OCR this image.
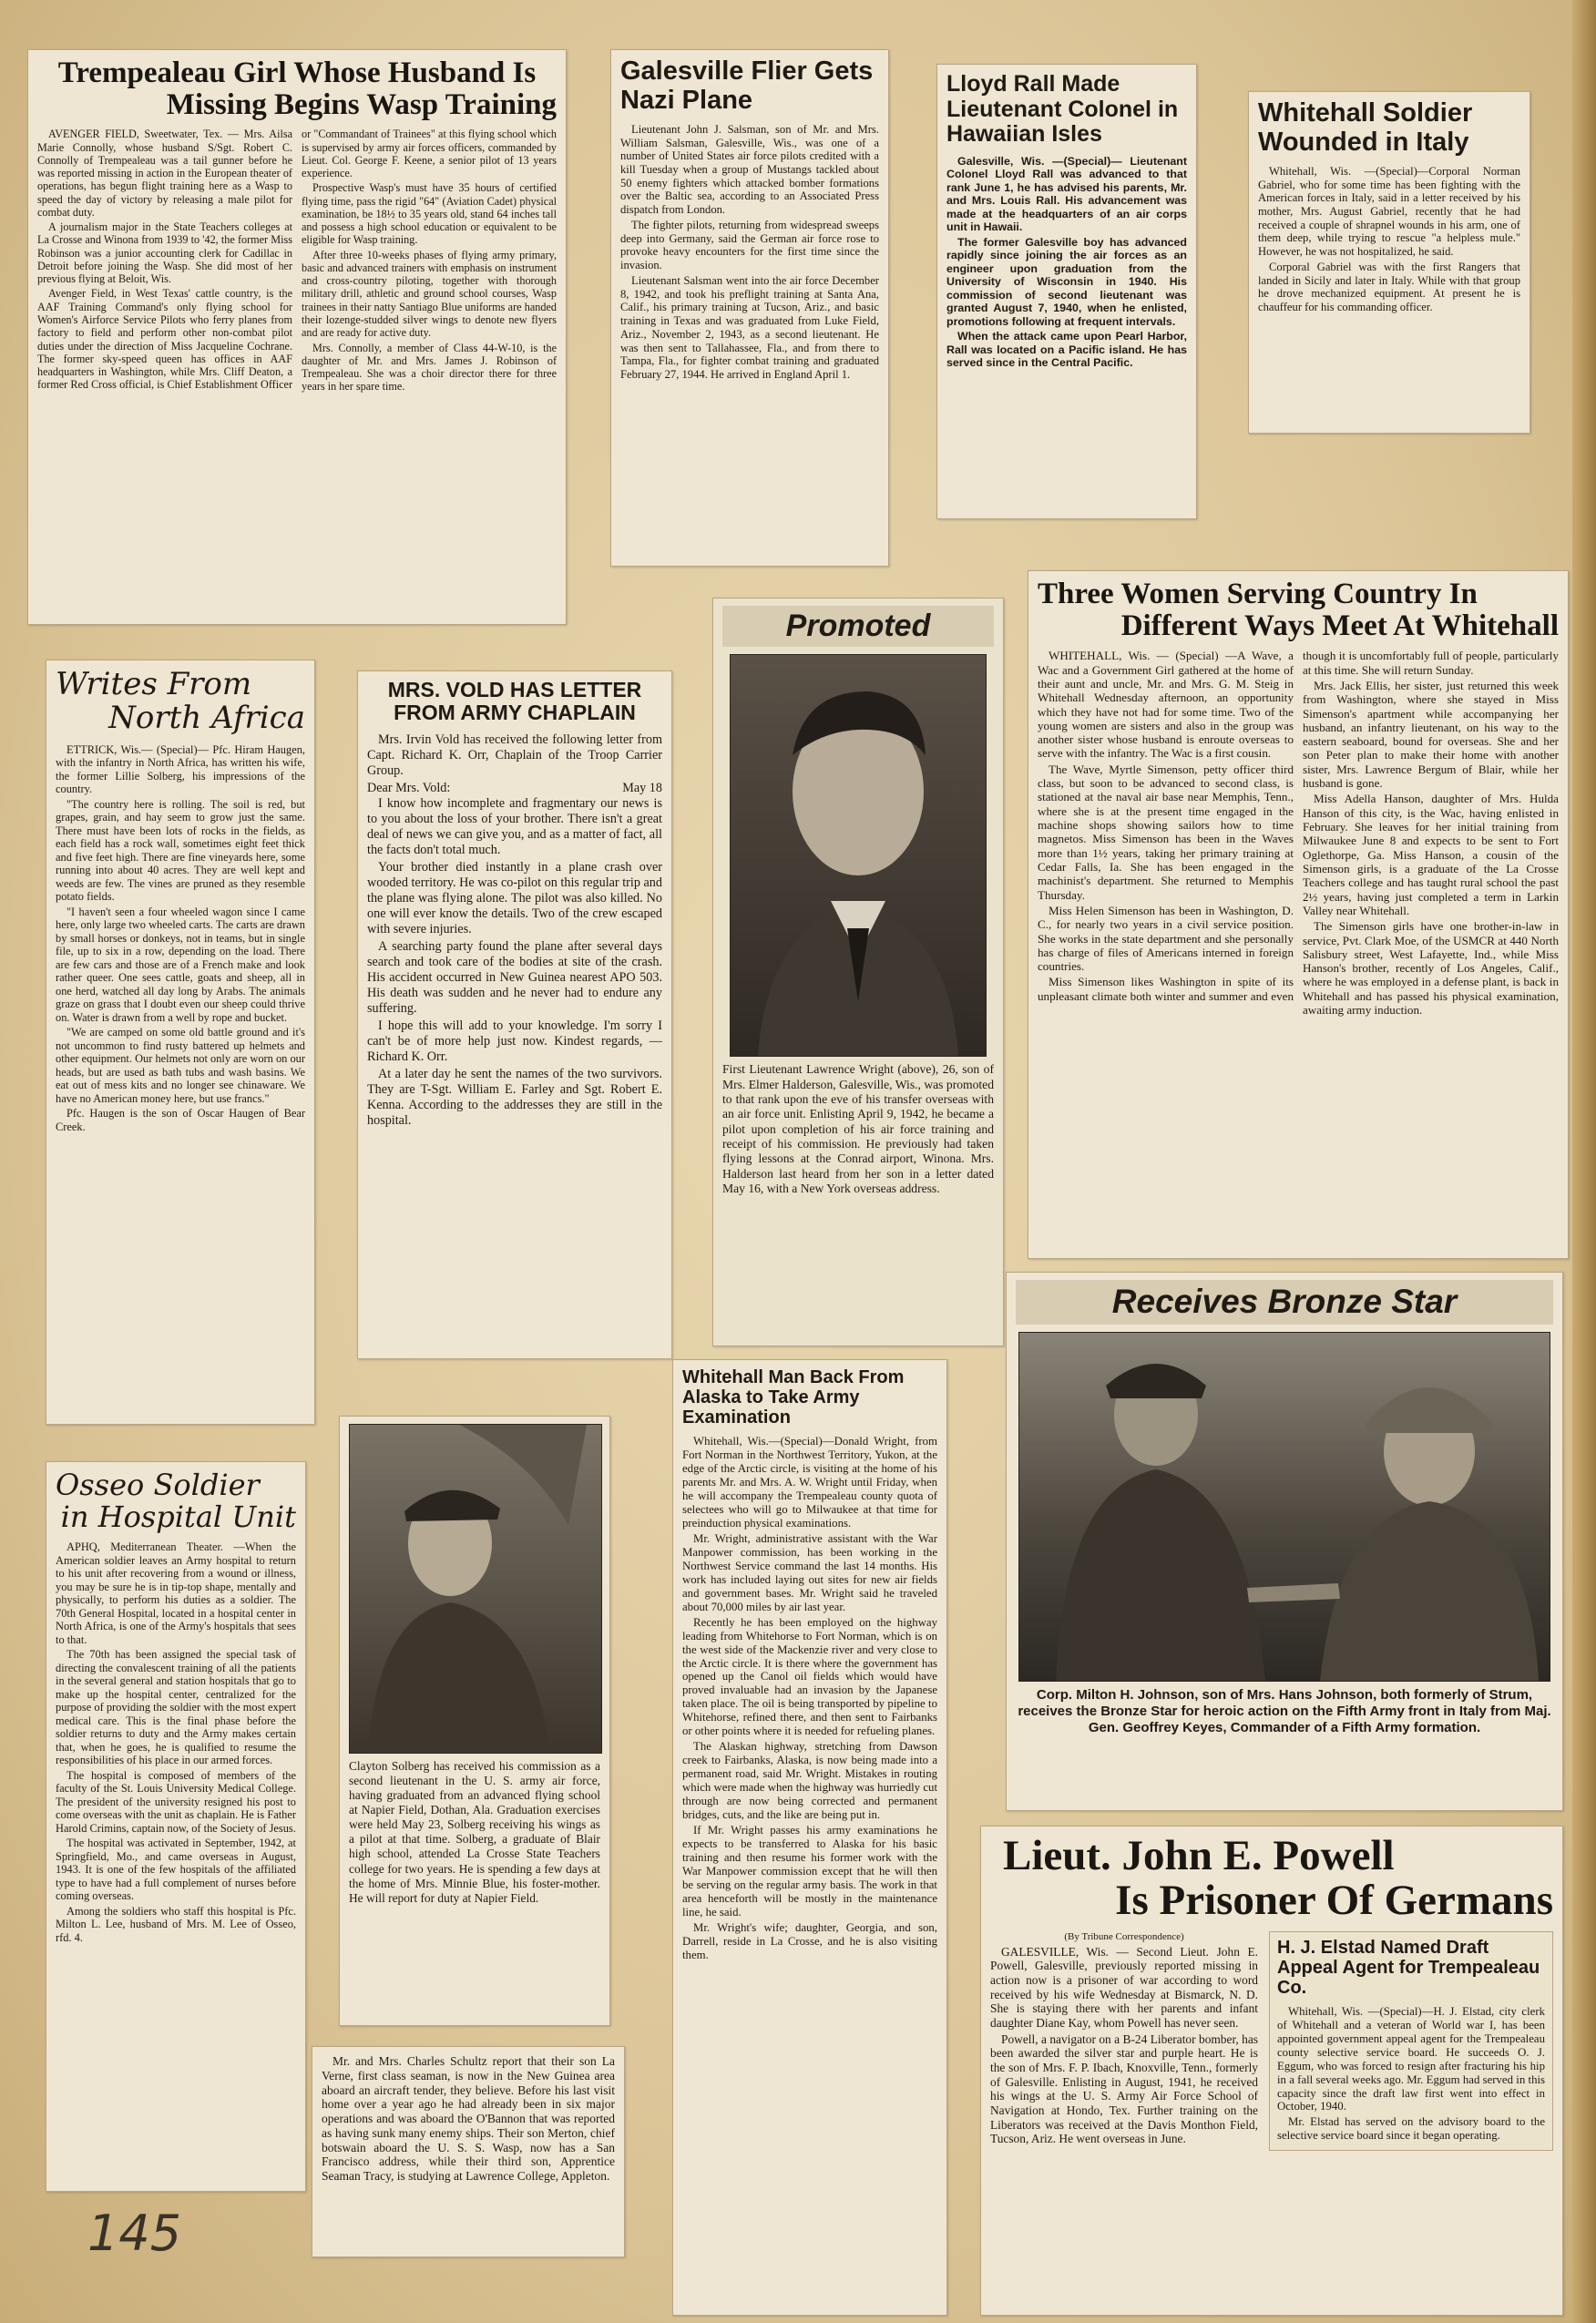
Trempealeau Girl Whose Husband Is
Missing Begins Wasp Training

AVENGER FIELD, Sweetwater, Tex. — Mrs. Ailsa Marie Connolly, whose husband S/Sgt. Robert C. Connolly of Trempealeau was a tail gunner before he was reported missing in action in the European theater of operations, has begun flight training here as a Wasp to speed the day of victory by releasing a male pilot for combat duty.

A journalism major in the State Teachers colleges at La Crosse and Winona from 1939 to '42, the former Miss Robinson was a junior accounting clerk for Cadillac in Detroit before joining the Wasp. She did most of her previous flying at Beloit, Wis.

Avenger Field, in West Texas' cattle country, is the AAF Training Command's only flying school for Women's Airforce Service Pilots who ferry planes from factory to field and perform other non-combat pilot duties under the direction of Miss Jacqueline Cochrane. The former sky-speed queen has offices in AAF headquarters in Washington, while Mrs. Cliff Deaton, a former Red Cross official, is Chief Establishment Officer or "Commandant of Trainees" at this flying school which is supervised by army air forces officers, commanded by Lieut. Col. George F. Keene, a senior pilot of 13 years experience.

Prospective Wasp's must have 35 hours of certified flying time, pass the rigid "64" (Aviation Cadet) physical examination, be 18½ to 35 years old, stand 64 inches tall and possess a high school education or equivalent to be eligible for Wasp training.

After three 10-weeks phases of flying army primary, basic and advanced trainers with emphasis on instrument and cross-country piloting, together with thorough military drill, athletic and ground school courses, Wasp trainees in their natty Santiago Blue uniforms are handed their lozenge-studded silver wings to denote new flyers and are ready for active duty.

Mrs. Connolly, a member of Class 44-W-10, is the daughter of Mr. and Mrs. James J. Robinson of Trempealeau. She was a choir director there for three years in her spare time.

Galesville Flier Gets Nazi Plane

Lieutenant John J. Salsman, son of Mr. and Mrs. William Salsman, Galesville, Wis., was one of a number of United States air force pilots credited with a kill Tuesday when a group of Mustangs tackled about 50 enemy fighters which attacked bomber formations over the Baltic sea, according to an Associated Press dispatch from London.

The fighter pilots, returning from widespread sweeps deep into Germany, said the German air force rose to provoke heavy encounters for the first time since the invasion.

Lieutenant Salsman went into the air force December 8, 1942, and took his preflight training at Santa Ana, Calif., his primary training at Tucson, Ariz., and basic training in Texas and was graduated from Luke Field, Ariz., November 2, 1943, as a second lieutenant. He was then sent to Tallahassee, Fla., and from there to Tampa, Fla., for fighter combat training and graduated February 27, 1944. He arrived in England April 1.

Lloyd Rall Made Lieutenant Colonel in Hawaiian Isles

Galesville, Wis. —(Special)— Lieutenant Colonel Lloyd Rall was advanced to that rank June 1, he has advised his parents, Mr. and Mrs. Louis Rall. His advancement was made at the headquarters of an air corps unit in Hawaii.

The former Galesville boy has advanced rapidly since joining the air forces as an engineer upon graduation from the University of Wisconsin in 1940. His commission of second lieutenant was granted August 7, 1940, when he enlisted, promotions following at frequent intervals.

When the attack came upon Pearl Harbor, Rall was located on a Pacific island. He has served since in the Central Pacific.

Whitehall Soldier Wounded in Italy

Whitehall, Wis. —(Special)—Corporal Norman Gabriel, who for some time has been fighting with the American forces in Italy, said in a letter received by his mother, Mrs. August Gabriel, recently that he had received a couple of shrapnel wounds in his arm, one of them deep, while trying to rescue "a helpless mule." However, he was not hospitalized, he said.

Corporal Gabriel was with the first Rangers that landed in Sicily and later in Italy. While with that group he drove mechanized equipment. At present he is chauffeur for his commanding officer.

Writes From
North Africa

ETTRICK, Wis.— (Special)— Pfc. Hiram Haugen, with the infantry in North Africa, has written his wife, the former Lillie Solberg, his impressions of the country.

"The country here is rolling. The soil is red, but grapes, grain, and hay seem to grow just the same. There must have been lots of rocks in the fields, as each field has a rock wall, sometimes eight feet thick and five feet high. There are fine vineyards here, some running into about 40 acres. They are well kept and weeds are few. The vines are pruned as they resemble potato fields.

"I haven't seen a four wheeled wagon since I came here, only large two wheeled carts. The carts are drawn by small horses or donkeys, not in teams, but in single file, up to six in a row, depending on the load. There are few cars and those are of a French make and look rather queer. One sees cattle, goats and sheep, all in one herd, watched all day long by Arabs. The animals graze on grass that I doubt even our sheep could thrive on. Water is drawn from a well by rope and bucket.

"We are camped on some old battle ground and it's not uncommon to find rusty battered up helmets and other equipment. Our helmets not only are worn on our heads, but are used as bath tubs and wash basins. We eat out of mess kits and no longer see chinaware. We have no American money here, but use francs."

Pfc. Haugen is the son of Oscar Haugen of Bear Creek.

MRS. VOLD HAS LETTER FROM ARMY CHAPLAIN

Mrs. Irvin Vold has received the following letter from Capt. Richard K. Orr, Chaplain of the Troop Carrier Group.

Dear Mrs. Vold:	May 18

I know how incomplete and fragmentary our news is to you about the loss of your brother. There isn't a great deal of news we can give you, and as a matter of fact, all the facts don't total much.

Your brother died instantly in a plane crash over wooded territory. He was co-pilot on this regular trip and the plane was flying alone. The pilot was also killed. No one will ever know the details. Two of the crew escaped with severe injuries.

A searching party found the plane after several days search and took care of the bodies at site of the crash. His accident occurred in New Guinea nearest APO 503. His death was sudden and he never had to endure any suffering.

I hope this will add to your knowledge. I'm sorry I can't be of more help just now. Kindest regards, —Richard K. Orr.

At a later day he sent the names of the two survivors. They are T-Sgt. William E. Farley and Sgt. Robert E. Kenna. According to the addresses they are still in the hospital.

Promoted
First Lieutenant Lawrence Wright (above), 26, son of Mrs. Elmer Halderson, Galesville, Wis., was promoted to that rank upon the eve of his transfer overseas with an air force unit. Enlisting April 9, 1942, he became a pilot upon completion of his air force training and receipt of his commission. He previously had taken flying lessons at the Conrad airport, Winona. Mrs. Halderson last heard from her son in a letter dated May 16, with a New York overseas address.
Three Women Serving Country In
Different Ways Meet At Whitehall

WHITEHALL, Wis. — (Special) —A Wave, a Wac and a Government Girl gathered at the home of their aunt and uncle, Mr. and Mrs. G. M. Steig in Whitehall Wednesday afternoon, an opportunity which they have not had for some time. Two of the young women are sisters and also in the group was another sister whose husband is enroute overseas to serve with the infantry. The Wac is a first cousin.

The Wave, Myrtle Simenson, petty officer third class, but soon to be advanced to second class, is stationed at the naval air base near Memphis, Tenn., where she is at the present time engaged in the machine shops showing sailors how to time magnetos. Miss Simenson has been in the Waves more than 1½ years, taking her primary training at Cedar Falls, Ia. She has been engaged in the machinist's department. She returned to Memphis Thursday.

Miss Helen Simenson has been in Washington, D. C., for nearly two years in a civil service position. She works in the state department and she personally has charge of files of Americans interned in foreign countries.

Miss Simenson likes Washington in spite of its unpleasant climate both winter and summer and even though it is uncomfortably full of people, particularly at this time. She will return Sunday.

Mrs. Jack Ellis, her sister, just returned this week from Washington, where she stayed in Miss Simenson's apartment while accompanying her husband, an infantry lieutenant, on his way to the eastern seaboard, bound for overseas. She and her son Peter plan to make their home with another sister, Mrs. Lawrence Bergum of Blair, while her husband is gone.

Miss Adella Hanson, daughter of Mrs. Hulda Hanson of this city, is the Wac, having enlisted in February. She leaves for her initial training from Milwaukee June 8 and expects to be sent to Fort Oglethorpe, Ga. Miss Hanson, a cousin of the Simenson girls, is a graduate of the La Crosse Teachers college and has taught rural school the past 2½ years, having just completed a term in Larkin Valley near Whitehall.

The Simenson girls have one brother-in-law in service, Pvt. Clark Moe, of the USMCR at 440 North Salisbury street, West Lafayette, Ind., while Miss Hanson's brother, recently of Los Angeles, Calif., where he was employed in a defense plant, is back in Whitehall and has passed his physical examination, awaiting army induction.

Receives Bronze Star
Corp. Milton H. Johnson, son of Mrs. Hans Johnson, both formerly of Strum, receives the Bronze Star for heroic action on the Fifth Army front in Italy from Maj. Gen. Geoffrey Keyes, Commander of a Fifth Army formation.
Osseo Soldier
in Hospital Unit

APHQ, Mediterranean Theater. —When the American soldier leaves an Army hospital to return to his unit after recovering from a wound or illness, you may be sure he is in tip-top shape, mentally and physically, to perform his duties as a soldier. The 70th General Hospital, located in a hospital center in North Africa, is one of the Army's hospitals that sees to that.

The 70th has been assigned the special task of directing the convalescent training of all the patients in the several general and station hospitals that go to make up the hospital center, centralized for the purpose of providing the soldier with the most expert medical care. This is the final phase before the soldier returns to duty and the Army makes certain that, when he goes, he is qualified to resume the responsibilities of his place in our armed forces.

The hospital is composed of members of the faculty of the St. Louis University Medical College. The president of the university resigned his post to come overseas with the unit as chaplain. He is Father Harold Crimins, captain now, of the Society of Jesus.

The hospital was activated in September, 1942, at Springfield, Mo., and came overseas in August, 1943. It is one of the few hospitals of the affiliated type to have had a full complement of nurses before coming overseas.

Among the soldiers who staff this hospital is Pfc. Milton L. Lee, husband of Mrs. M. Lee of Osseo, rfd. 4.

Clayton Solberg has received his commission as a second lieutenant in the U. S. army air force, having graduated from an advanced flying school at Napier Field, Dothan, Ala. Graduation exercises were held May 23, Solberg receiving his wings as a pilot at that time. Solberg, a graduate of Blair high school, attended La Crosse State Teachers college for two years. He is spending a few days at the home of Mrs. Minnie Blue, his foster-mother. He will report for duty at Napier Field.

Mr. and Mrs. Charles Schultz report that their son La Verne, first class seaman, is now in the New Guinea area aboard an aircraft tender, they believe. Before his last visit home over a year ago he had already been in six major operations and was aboard the O'Bannon that was reported as having sunk many enemy ships. Their son Merton, chief botswain aboard the U. S. S. Wasp, now has a San Francisco address, while their third son, Apprentice Seaman Tracy, is studying at Lawrence College, Appleton.

Whitehall Man Back From Alaska to Take Army Examination

Whitehall, Wis.—(Special)—Donald Wright, from Fort Norman in the Northwest Territory, Yukon, at the edge of the Arctic circle, is visiting at the home of his parents Mr. and Mrs. A. W. Wright until Friday, when he will accompany the Trempealeau county quota of selectees who will go to Milwaukee at that time for preinduction physical examinations.

Mr. Wright, administrative assistant with the War Manpower commission, has been working in the Northwest Service command the last 14 months. His work has included laying out sites for new air fields and government bases. Mr. Wright said he traveled about 70,000 miles by air last year.

Recently he has been employed on the highway leading from Whitehorse to Fort Norman, which is on the west side of the Mackenzie river and very close to the Arctic circle. It is there where the government has opened up the Canol oil fields which would have proved invaluable had an invasion by the Japanese taken place. The oil is being transported by pipeline to Whitehorse, refined there, and then sent to Fairbanks or other points where it is needed for refueling planes.

The Alaskan highway, stretching from Dawson creek to Fairbanks, Alaska, is now being made into a permanent road, said Mr. Wright. Mistakes in routing which were made when the highway was hurriedly cut through are now being corrected and permanent bridges, cuts, and the like are being put in.

If Mr. Wright passes his army examinations he expects to be transferred to Alaska for his basic training and then resume his former work with the War Manpower commission except that he will then be serving on the regular army basis. The work in that area henceforth will be mostly in the maintenance line, he said.

Mr. Wright's wife; daughter, Georgia, and son, Darrell, reside in La Crosse, and he is also visiting them.

Lieut. John E. Powell
Is Prisoner Of Germans
(By Tribune Correspondence)

GALESVILLE, Wis. — Second Lieut. John E. Powell, Galesville, previously reported missing in action now is a prisoner of war according to word received by his wife Wednesday at Bismarck, N. D. She is staying there with her parents and infant daughter Diane Kay, whom Powell has never seen.

Powell, a navigator on a B-24 Liberator bomber, has been awarded the silver star and purple heart. He is the son of Mrs. F. P. Ibach, Knoxville, Tenn., formerly of Galesville. Enlisting in August, 1941, he received his wings at the U. S. Army Air Force School of Navigation at Hondo, Tex. Further training on the Liberators was received at the Davis Monthon Field, Tucson, Ariz. He went overseas in June.

H. J. Elstad Named Draft Appeal Agent for Trempealeau Co.

Whitehall, Wis. —(Special)—H. J. Elstad, city clerk of Whitehall and a veteran of World war I, has been appointed government appeal agent for the Trempealeau county selective service board. He succeeds O. J. Eggum, who was forced to resign after fracturing his hip in a fall several weeks ago. Mr. Eggum had served in this capacity since the draft law first went into effect in October, 1940.

Mr. Elstad has served on the advisory board to the selective service board since it began operating.

145
